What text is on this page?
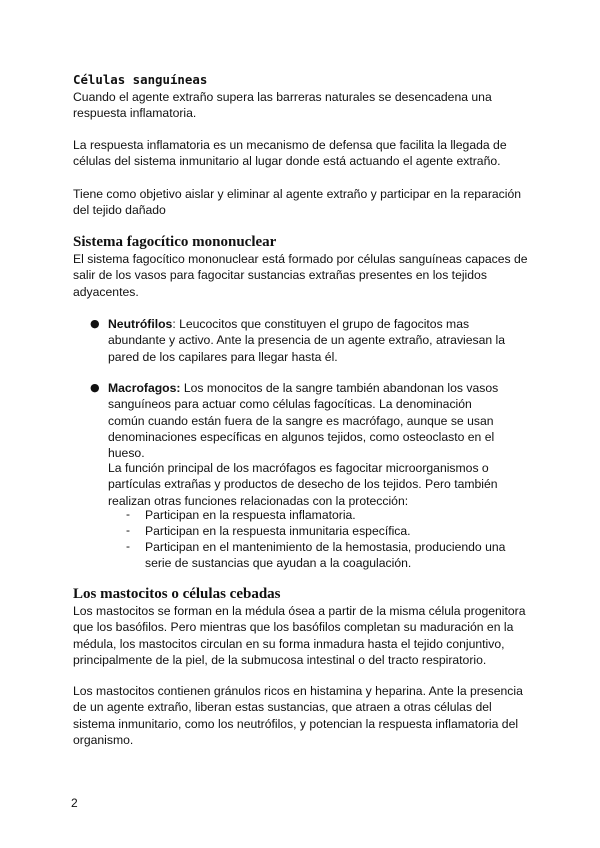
Células sanguíneas

Cuando el agente extraño supera las barreras naturales se desencadena una respuesta inflamatoria.

La respuesta inflamatoria es un mecanismo de defensa que facilita la llegada de células del sistema inmunitario al lugar donde está actuando el agente extraño.

Tiene como objetivo aislar y eliminar al agente extraño y participar en la reparación del tejido dañado

Sistema fagocítico mononuclear

El sistema fagocítico mononuclear está formado por células sanguíneas capaces de salir de los vasos para fagocitar sustancias extrañas presentes en los tejidos adyacentes.

● Neutrófilos: Leucocitos que constituyen el grupo de fagocitos mas abundante y activo. Ante la presencia de un agente extraño, atraviesan la pared de los capilares para llegar hasta él.

● Macrofagos: Los monocitos de la sangre también abandonan los vasos sanguíneos para actuar como células fagocíticas. La denominación común cuando están fuera de la sangre es macrófago, aunque se usan denominaciones específicas en algunos tejidos, como osteoclasto en el hueso.

La función principal de los macrófagos es fagocitar microorganismos o partículas extrañas y productos de desecho de los tejidos. Pero también realizan otras funciones relacionadas con la protección:

- Participan en la respuesta inflamatoria.

- Participan en la respuesta inmunitaria específica.

- Participan en el mantenimiento de la hemostasia, produciendo una serie de sustancias que ayudan a la coagulación.

Los mastocitos o células cebadas

Los mastocitos se forman en la médula ósea a partir de la misma célula progenitora que los basófilos. Pero mientras que los basófilos completan su maduración en la médula, los mastocitos circulan en su forma inmadura hasta el tejido conjuntivo, principalmente de la piel, de la submucosa intestinal o del tracto respiratorio.

Los mastocitos contienen gránulos ricos en histamina y heparina. Ante la presencia de un agente extraño, liberan estas sustancias, que atraen a otras células del sistema inmunitario, como los neutrófilos, y potencian la respuesta inflamatoria del organismo.

2
